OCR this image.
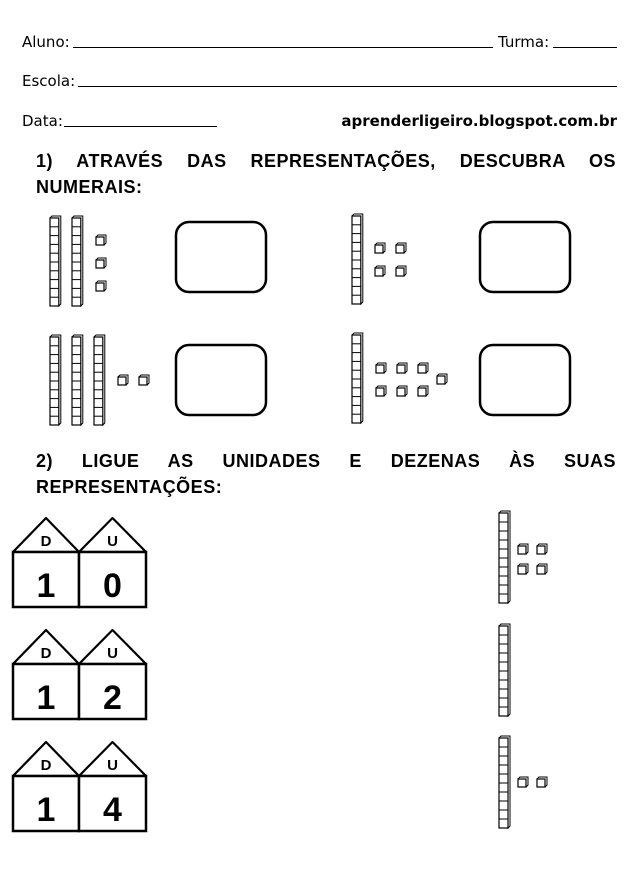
Aluno:	Turma:
Escola:
Data:	aprenderligeiro.blogspot.com.br
1) ATRAVÉS DAS REPRESENTAÇÕES, DESCUBRA OS NUMERAIS:
2) LIGUE AS UNIDADES E DEZENAS ÀS SUAS REPRESENTAÇÕES:
D
1
U
0
D
1
U
2
D
1
U
4
